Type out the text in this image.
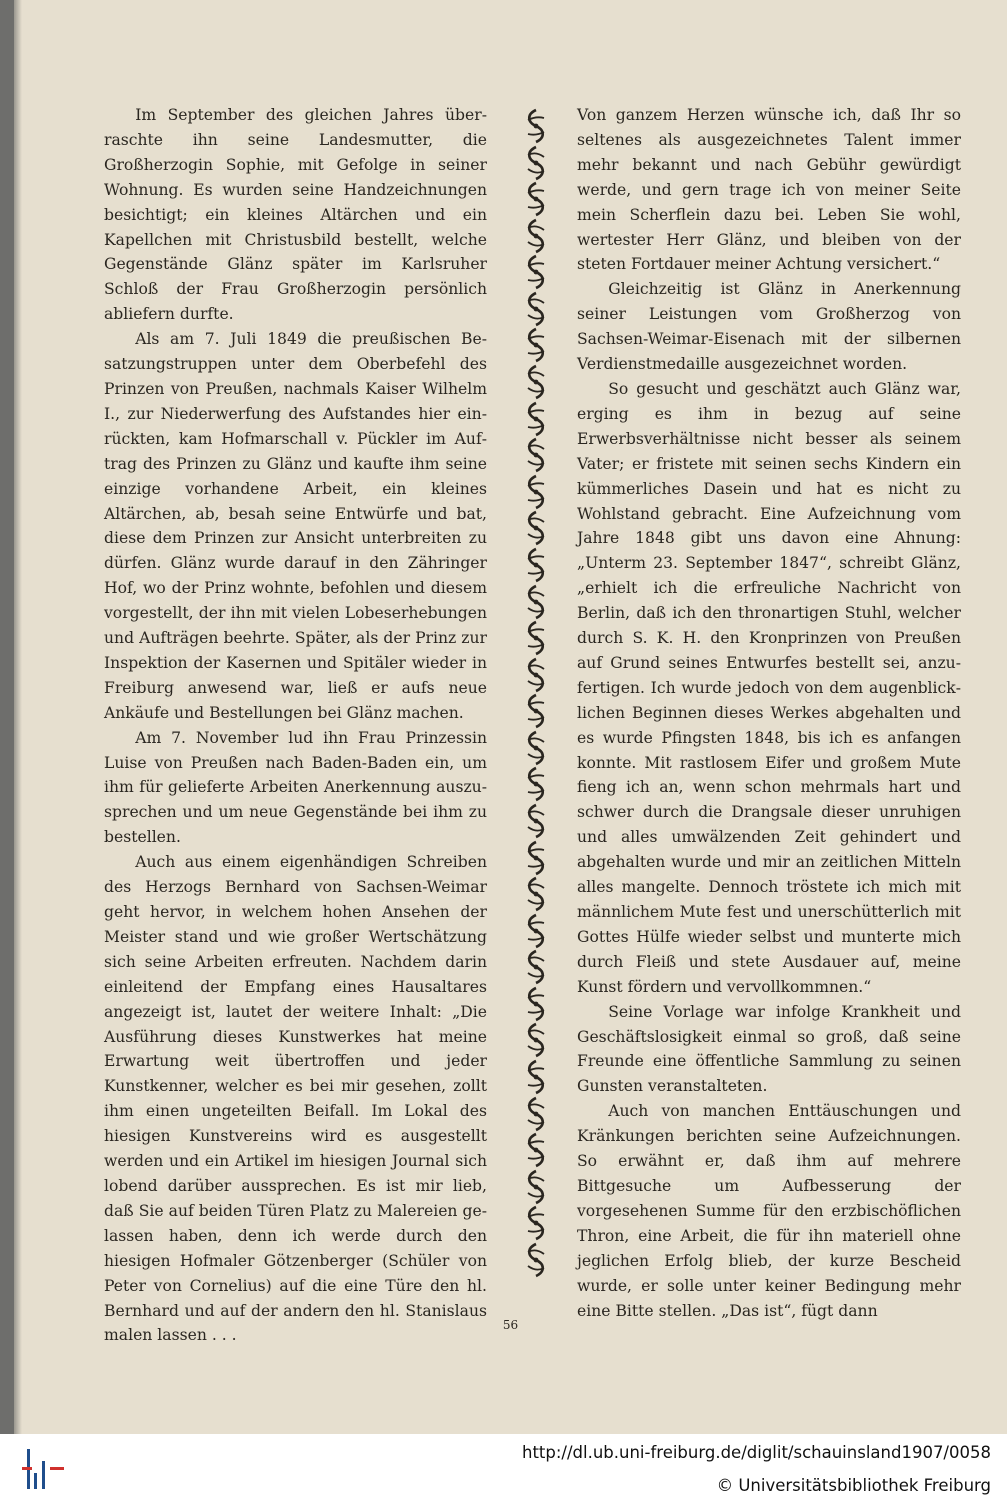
Im September des gleichen Jahres überraschte ihn seine Landesmutter, die Großherzogin Sophie, mit Gefolge in seiner Wohnung. Es wurden seine Handzeichnungen besichtigt; ein kleines Altärchen und ein Kapellchen mit Christusbild bestellt, welche Gegenstände Glänz später im Karlsruher Schloß der Frau Großherzogin persönlich abliefern durfte.

Als am 7. Juli 1849 die preußischen Besatzungstruppen unter dem Oberbefehl des Prinzen von Preußen, nachmals Kaiser Wilhelm I., zur Niederwerfung des Aufstandes hier einrückten, kam Hofmarschall v. Pückler im Auftrag des Prinzen zu Glänz und kaufte ihm seine einzige vorhandene Arbeit, ein kleines Altärchen, ab, besah seine Entwürfe und bat, diese dem Prinzen zur Ansicht unterbreiten zu dürfen. Glänz wurde darauf in den Zähringer Hof, wo der Prinz wohnte, befohlen und diesem vorgestellt, der ihn mit vielen Lobeserhebungen und Aufträgen beehrte. Später, als der Prinz zur Inspektion der Kasernen und Spitäler wieder in Freiburg anwesend war, ließ er aufs neue Ankäufe und Bestellungen bei Glänz machen.

Am 7. November lud ihn Frau Prinzessin Luise von Preußen nach Baden-Baden ein, um ihm für gelieferte Arbeiten Anerkennung auszusprechen und um neue Gegenstände bei ihm zu bestellen.

Auch aus einem eigenhändigen Schreiben des Herzogs Bernhard von Sachsen-Weimar geht hervor, in welchem hohen Ansehen der Meister stand und wie großer Wertschätzung sich seine Arbeiten erfreuten. Nachdem darin einleitend der Empfang eines Hausaltares angezeigt ist, lautet der weitere Inhalt: „Die Ausführung dieses Kunstwerkes hat meine Erwartung weit übertroffen und jeder Kunstkenner, welcher es bei mir gesehen, zollt ihm einen ungeteilten Beifall. Im Lokal des hiesigen Kunstvereins wird es ausgestellt werden und ein Artikel im hiesigen Journal sich lobend darüber aussprechen. Es ist mir lieb, daß Sie auf beiden Türen Platz zu Malereien gelassen haben, denn ich werde durch den hiesigen Hofmaler Götzenberger (Schüler von Peter von Cornelius) auf die eine Türe den hl. Bernhard und auf der andern den hl. Stanislaus malen lassen . . .

Von ganzem Herzen wünsche ich, daß Ihr so seltenes als ausgezeichnetes Talent immer mehr bekannt und nach Gebühr gewürdigt werde, und gern trage ich von meiner Seite mein Scherflein dazu bei. Leben Sie wohl, wertester Herr Glänz, und bleiben von der steten Fortdauer meiner Achtung versichert.“

Gleichzeitig ist Glänz in Anerkennung seiner Leistungen vom Großherzog von Sachsen-Weimar-Eisenach mit der silbernen Verdienstmedaille ausgezeichnet worden.

So gesucht und geschätzt auch Glänz war, erging es ihm in bezug auf seine Erwerbsverhältnisse nicht besser als seinem Vater; er fristete mit seinen sechs Kindern ein kümmerliches Dasein und hat es nicht zu Wohlstand gebracht. Eine Aufzeichnung vom Jahre 1848 gibt uns davon eine Ahnung: „Unterm 23. September 1847“, schreibt Glänz, „erhielt ich die erfreuliche Nachricht von Berlin, daß ich den thronartigen Stuhl, welcher durch S. K. H. den Kronprinzen von Preußen auf Grund seines Entwurfes bestellt sei, anzufertigen. Ich wurde jedoch von dem augenblicklichen Beginnen dieses Werkes abgehalten und es wurde Pfingsten 1848, bis ich es anfangen konnte. Mit rastlosem Eifer und großem Mute fieng ich an, wenn schon mehrmals hart und schwer durch die Drangsale dieser unruhigen und alles umwälzenden Zeit gehindert und abgehalten wurde und mir an zeitlichen Mitteln alles mangelte. Dennoch tröstete ich mich mit männlichem Mute fest und unerschütterlich mit Gottes Hülfe wieder selbst und munterte mich durch Fleiß und stete Ausdauer auf, meine Kunst fördern und vervollkommnen.“

Seine Vorlage war infolge Krankheit und Geschäftslosigkeit einmal so groß, daß seine Freunde eine öffentliche Sammlung zu seinen Gunsten veranstalteten.

Auch von manchen Enttäuschungen und Kränkungen berichten seine Aufzeichnungen. So erwähnt er, daß ihm auf mehrere Bittgesuche um Aufbesserung der vorgesehenen Summe für den erzbischöflichen Thron, eine Arbeit, die für ihn materiell ohne jeglichen Erfolg blieb, der kurze Bescheid wurde, er solle unter keiner Bedingung mehr eine Bitte stellen. „Das ist“, fügt dann

56
http://dl.ub.uni-freiburg.de/diglit/schauinsland1907/0058
© Universitätsbibliothek Freiburg
